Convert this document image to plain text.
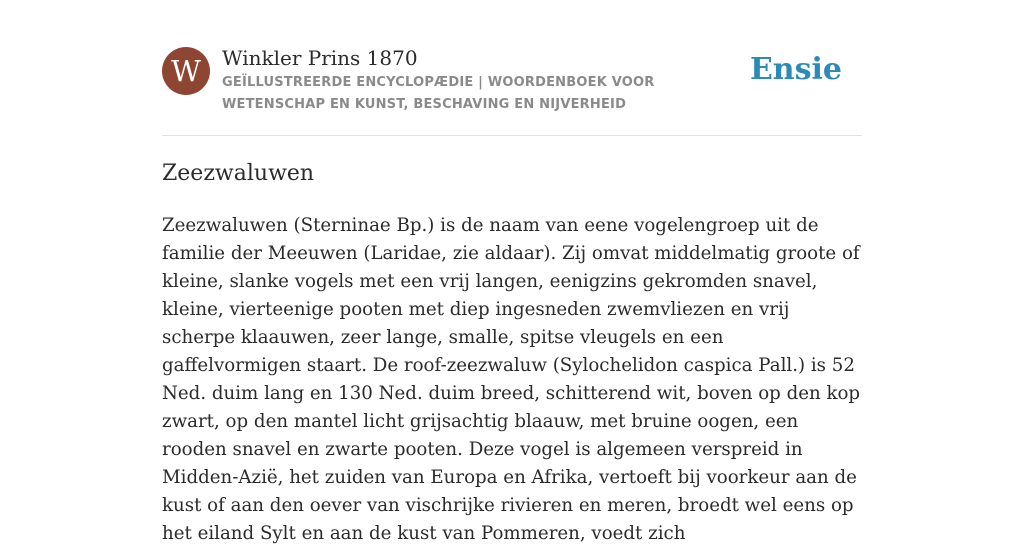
W	Winkler Prins 1870
GEÏLLUSTREERDE ENCYCLOPÆDIE | WOORDENBOEK VOOR WETENSCHAP EN KUNST, BESCHAVING EN NIJVERHEID
Ensie
Zeezwaluwen

Zeezwaluwen (Sterninae Bp.) is de naam van eene vogelengroep uit de familie der Meeuwen (Laridae, zie aldaar). Zij omvat middelmatig groote of kleine, slanke vogels met een vrij langen, eenigzins gekromden snavel, kleine, vierteenige pooten met diep ingesneden zwemvliezen en vrij scherpe klaauwen, zeer lange, smalle, spitse vleugels en een gaffelvormigen staart. De roof-zeezwaluw (Sylochelidon caspica Pall.) is 52 Ned. duim lang en 130 Ned. duim breed, schitterend wit, boven op den kop zwart, op den mantel licht grijsachtig blaauw, met bruine oogen, een rooden snavel en zwarte pooten. Deze vogel is algemeen verspreid in Midden-Azië, het zuiden van Europa en Afrika, vertoeft bij voorkeur aan de kust of aan den oever van vischrijke rivieren en meren, broedt wel eens op het eiland Sylt en aan de kust van Pommeren, voedt zich
